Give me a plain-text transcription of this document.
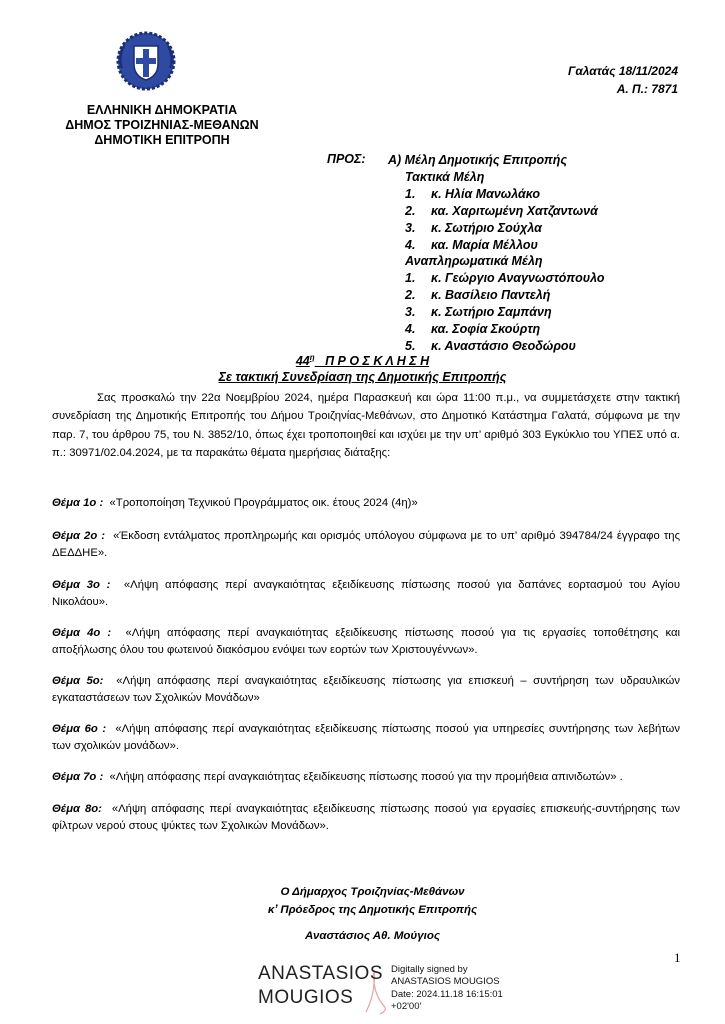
Γαλατάς 18/11/2024
Α. Π.: 7871
ΕΛΛΗΝΙΚΗ ΔΗΜΟΚΡΑΤΙΑ
ΔΗΜΟΣ ΤΡΟΙΖΗΝΙΑΣ-ΜΕΘΑΝΩΝ
ΔΗΜΟΤΙΚΗ ΕΠΙΤΡΟΠΗ
ΠΡΟΣ: Α) Μέλη Δημοτικής Επιτροπής
Τακτικά Μέλη
1. κ. Ηλία Μανωλάκο
2. κα. Χαριτωμένη Χατζαντωνά
3. κ. Σωτήριο Σούχλα
4. κα. Μαρία Μέλλου
Αναπληρωματικά Μέλη
1. κ. Γεώργιο Αναγνωστόπουλο
2. κ. Βασίλειο Παντελή
3. κ. Σωτήριο Σαμπάνη
4. κα. Σοφία Σκούρτη
5. κ. Αναστάσιο Θεοδώρου
$44^\eta$ Π Ρ Ο Σ Κ Λ Η Σ Η
Σε τακτική Συνεδρίαση της Δημοτικής Επιτροπής
Σας προσκαλώ την 22α Νοεμβρίου 2024, ημέρα Παρασκευή και ώρα 11:00 π.μ., να συμμετάσχετε στην τακτική συνεδρίαση της Δημοτικής Επιτροπής του Δήμου Τροιζηνίας-Μεθάνων, στο Δημοτικό Κατάστημα Γαλατά, σύμφωνα με την παρ. 7, του άρθρου 75, του Ν. 3852/10, όπως έχει τροποποιηθεί και ισχύει με την υπ’ αριθμό 303 Εγκύκλιο του ΥΠΕΣ υπό α. π.: 30971/02.04.2024, με τα παρακάτω θέματα ημερήσιας διάταξης:
Θέμα 1ο : «Τροποποίηση Τεχνικού Προγράμματος οικ. έτους 2024 (4η)»
Θέμα 2ο : «Έκδοση εντάλματος προπληρωμής και ορισμός υπόλογου σύμφωνα με το υπ’ αριθμό 394784/24 έγγραφο της ΔΕΔΔΗΕ».
Θέμα 3ο : «Λήψη απόφασης περί αναγκαιότητας εξειδίκευσης πίστωσης ποσού για δαπάνες εορτασμού του Αγίου Νικολάου».
Θέμα 4ο : «Λήψη απόφασης περί αναγκαιότητας εξειδίκευσης πίστωσης ποσού για τις εργασίες τοποθέτησης και αποξήλωσης όλου του φωτεινού διακόσμου ενόψει των εορτών των Χριστουγέννων».
Θέμα 5ο: «Λήψη απόφασης περί αναγκαιότητας εξειδίκευσης πίστωσης για επισκευή – συντήρηση των υδραυλικών εγκαταστάσεων των Σχολικών Μονάδων»
Θέμα 6ο : «Λήψη απόφασης περί αναγκαιότητας εξειδίκευσης πίστωσης ποσού για υπηρεσίες συντήρησης των λεβήτων των σχολικών μονάδων».
Θέμα 7ο : «Λήψη απόφασης περί αναγκαιότητας εξειδίκευσης πίστωσης ποσού για την προμήθεια απινιδωτών» .
Θέμα 8ο: «Λήψη απόφασης περί αναγκαιότητας εξειδίκευσης πίστωσης ποσού για εργασίες επισκευής-συντήρησης των φίλτρων νερού στους ψύκτες των Σχολικών Μονάδων».
Ο Δήμαρχος Τροιζηνίας-Μεθάνων
κ’ Πρόεδρος της Δημοτικής Επιτροπής
Αναστάσιος Αθ. Μούγιος
1
ANASTASIOS
MOUGIOS
Digitally signed by
ANASTASIOS MOUGIOS
Date: 2024.11.18 16:15:01
+02'00'
